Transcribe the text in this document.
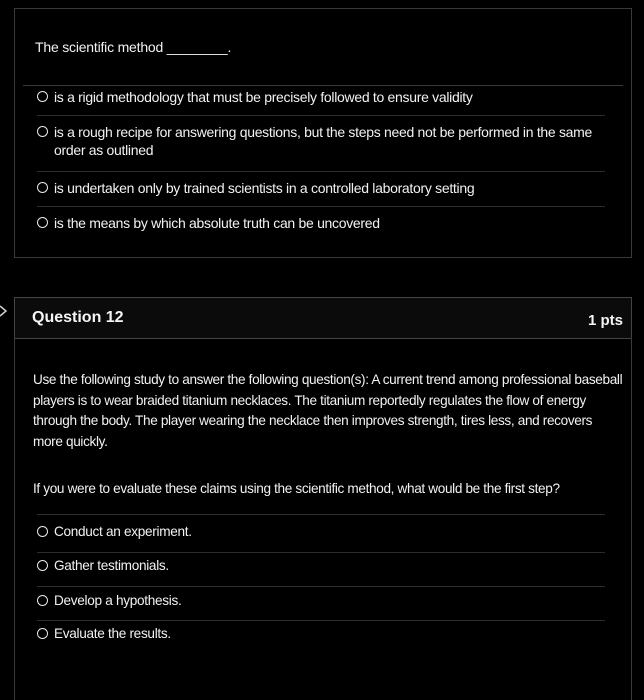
The scientific method ________.
is a rigid methodology that must be precisely followed to ensure validity
is a rough recipe for answering questions, but the steps need not be performed in the same order as outlined
is undertaken only by trained scientists in a controlled laboratory setting
is the means by which absolute truth can be uncovered
Question 12	1 pts
Use the following study to answer the following question(s): A current trend among professional baseball players is to wear braided titanium necklaces. The titanium reportedly regulates the flow of energy through the body. The player wearing the necklace then improves strength, tires less, and recovers more quickly.
If you were to evaluate these claims using the scientific method, what would be the first step?
Conduct an experiment.
Gather testimonials.
Develop a hypothesis.
Evaluate the results.
